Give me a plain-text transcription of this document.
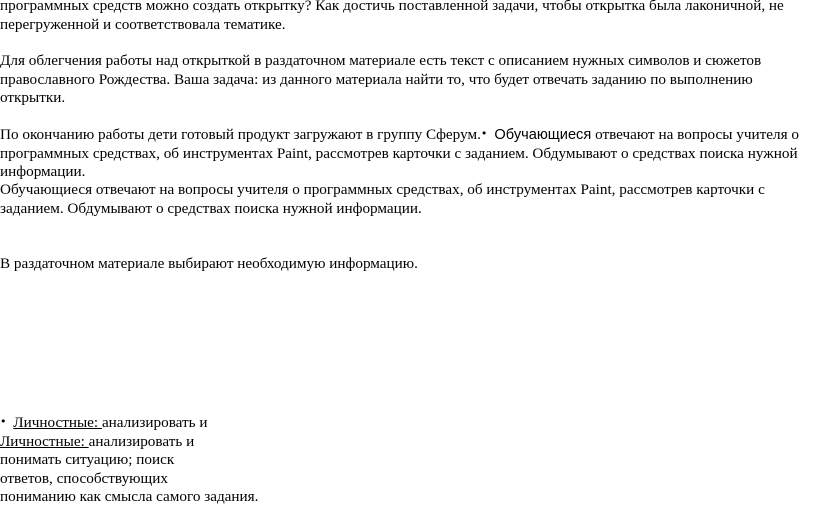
программных средств можно создать открытку? Как достичь поставленной задачи, чтобы открытка была лаконичной, не перегруженной и соответствовала тематике.

Для облегчения работы над открыткой в раздаточном материале есть текст с описанием нужных символов и сюжетов православного Рождества. Ваша задача: из данного материала найти то, что будет отвечать заданию по выполнению открытки.

По окончанию работы дети готовый продукт загружают в группу Сферум.• Обучающиеся отвечают на вопросы учителя о программных средствах, об инструментах Paint, рассмотрев карточки с заданием. Обдумывают о средствах поиска нужной информации.

Обучающиеся отвечают на вопросы учителя о программных средствах, об инструментах Paint, рассмотрев карточки с заданием. Обдумывают о средствах поиска нужной информации.

В раздаточном материале выбирают необходимую информацию.

• Личностные: анализировать и
Личностные: анализировать и
понимать ситуацию; поиск
ответов, способствующих
пониманию как смысла самого задания.
